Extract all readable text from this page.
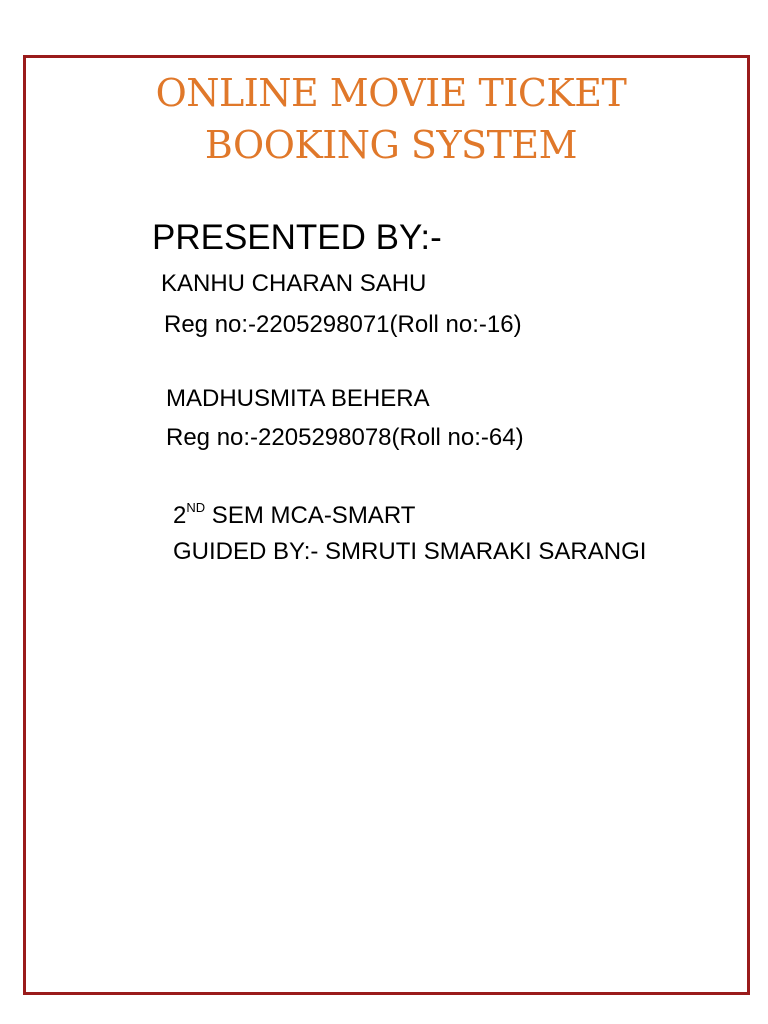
ONLINE MOVIE TICKET
BOOKING SYSTEM
PRESENTED BY:-
KANHU CHARAN SAHU
Reg no:-2205298071(Roll no:-16)
MADHUSMITA BEHERA
Reg no:-2205298078(Roll no:-64)
2ND SEM MCA-SMART
GUIDED BY:- SMRUTI SMARAKI SARANGI
